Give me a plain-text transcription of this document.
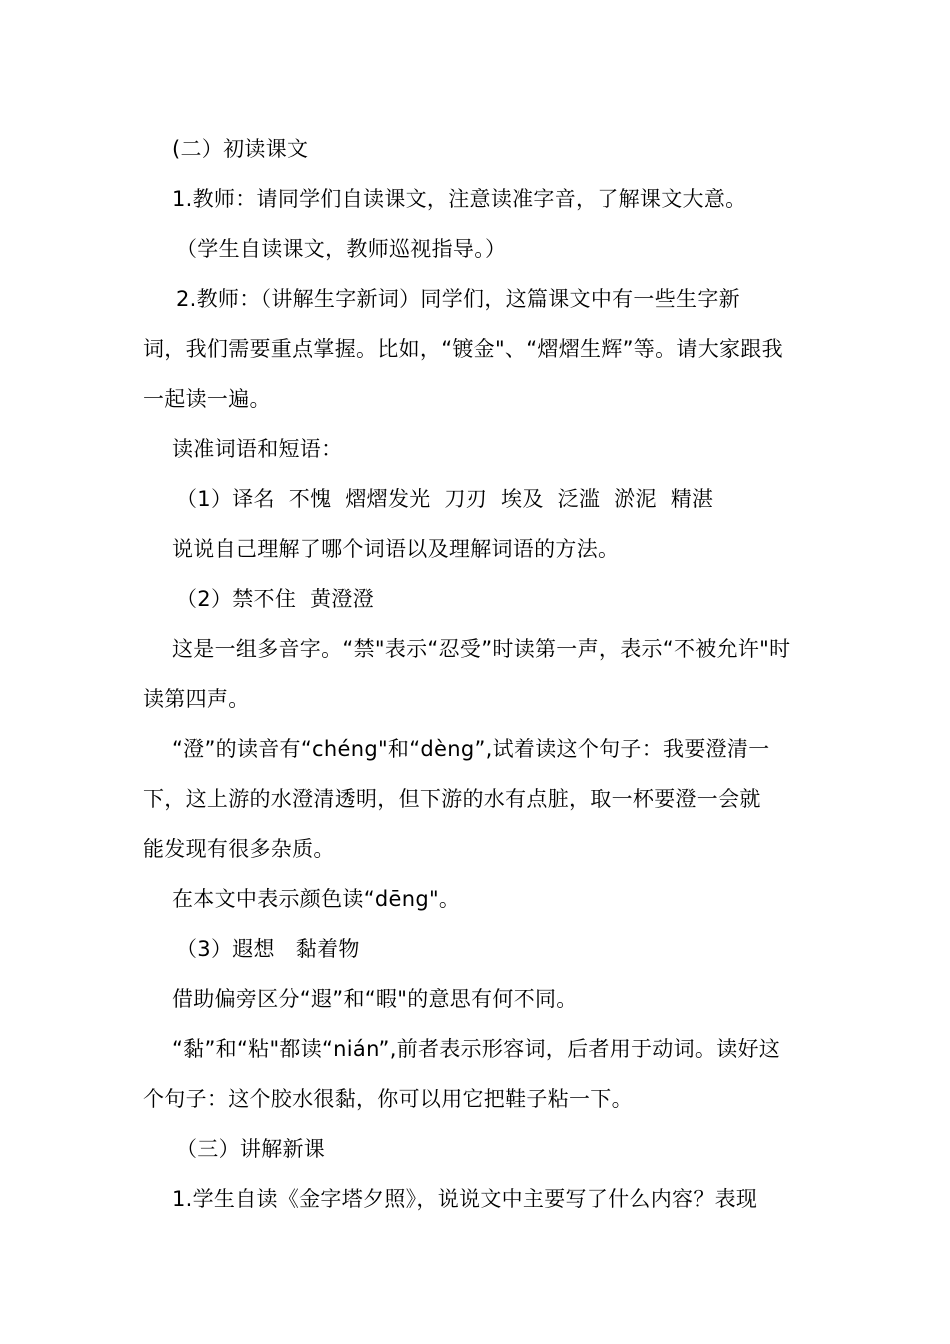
(二）初读课文
1.教师：请同学们自读课文，注意读准字音，了解课文大意。
（学生自读课文，教师巡视指导。）
2.教师：（讲解生字新词）同学们，这篇课文中有一些生字新
词，我们需要重点掌握。比如，“镀金"、“熠熠生辉”等。请大家跟我
一起读一遍。
读准词语和短语：
（1）译名  不愧  熠熠发光  刀刃  埃及  泛滥  淤泥  精湛
说说自己理解了哪个词语以及理解词语的方法。
（2）禁不住  黄澄澄
这是一组多音字。“禁"表示“忍受”时读第一声，表示“不被允许"时
读第四声。
“澄”的读音有“chéng"和“dèng”,试着读这个句子：我要澄清一
下，这上游的水澄清透明，但下游的水有点脏，取一杯要澄一会就
能发现有很多杂质。
在本文中表示颜色读“dēng"。
（3）遐想   黏着物
借助偏旁区分“遐”和“暇"的意思有何不同。
“黏”和“粘"都读“nián”,前者表示形容词，后者用于动词。读好这
个句子：这个胶水很黏，你可以用它把鞋子粘一下。
（三）讲解新课
1.学生自读《金字塔夕照》，说说文中主要写了什么内容？表现
